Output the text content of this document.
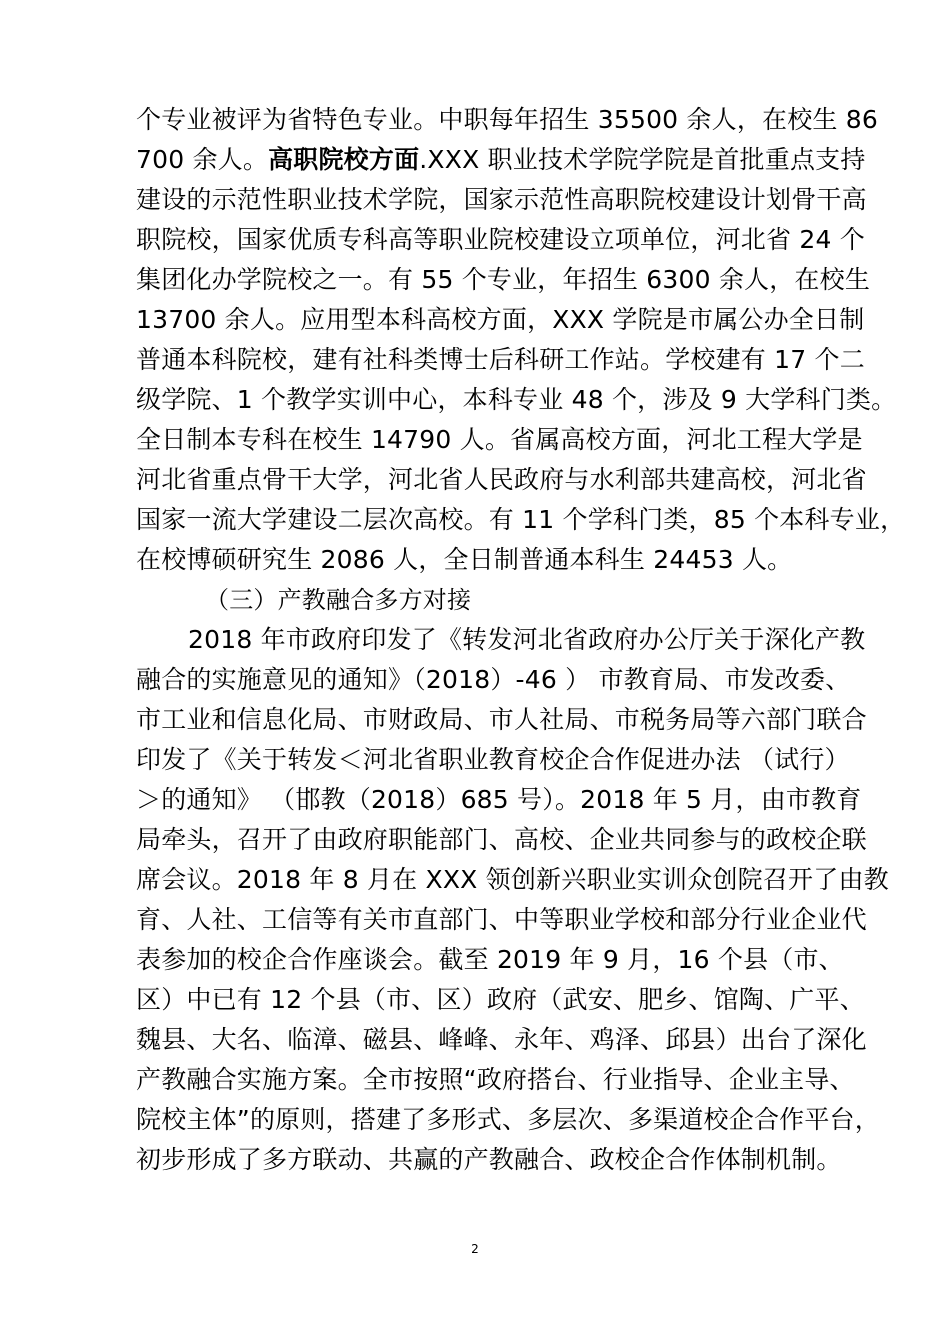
个专业被评为省特色专业。中职每年招生 35500 余人，在校生 86
700 余人。高职院校方面.XXX 职业技术学院学院是首批重点支持
建设的示范性职业技术学院，国家示范性高职院校建设计划骨干高
职院校，国家优质专科高等职业院校建设立项单位，河北省 24 个
集团化办学院校之一。有 55 个专业，年招生 6300 余人，在校生
13700 余人。应用型本科高校方面，XXX 学院是市属公办全日制
普通本科院校，建有社科类博士后科研工作站。学校建有 17 个二
级学院、1 个教学实训中心，本科专业 48 个，涉及 9 大学科门类。
全日制本专科在校生 14790 人。省属高校方面，河北工程大学是
河北省重点骨干大学，河北省人民政府与水利部共建高校，河北省
国家一流大学建设二层次高校。有 11 个学科门类，85 个本科专业，
在校博硕研究生 2086 人，全日制普通本科生 24453 人。
（三）产教融合多方对接
2018 年市政府印发了《转发河北省政府办公厅关于深化产教
融合的实施意见的通知》（2018）-46 ） 市教育局、市发改委、
市工业和信息化局、市财政局、市人社局、市税务局等六部门联合
印发了《关于转发＜河北省职业教育校企合作促进办法 （试行）
＞的通知》 （邯教（2018）685 号）。2018 年 5 月，由市教育
局牵头，召开了由政府职能部门、高校、企业共同参与的政校企联
席会议。2018 年 8 月在 XXX 领创新兴职业实训众创院召开了由教
育、人社、工信等有关市直部门、中等职业学校和部分行业企业代
表参加的校企合作座谈会。截至 2019 年 9 月，16 个县（市、
区）中已有 12 个县（市、区）政府（武安、肥乡、馆陶、广平、
魏县、大名、临漳、磁县、峰峰、永年、鸡泽、邱县）出台了深化
产教融合实施方案。全市按照“政府搭台、行业指导、企业主导、
院校主体”的原则，搭建了多形式、多层次、多渠道校企合作平台，
初步形成了多方联动、共赢的产教融合、政校企合作体制机制。
2
